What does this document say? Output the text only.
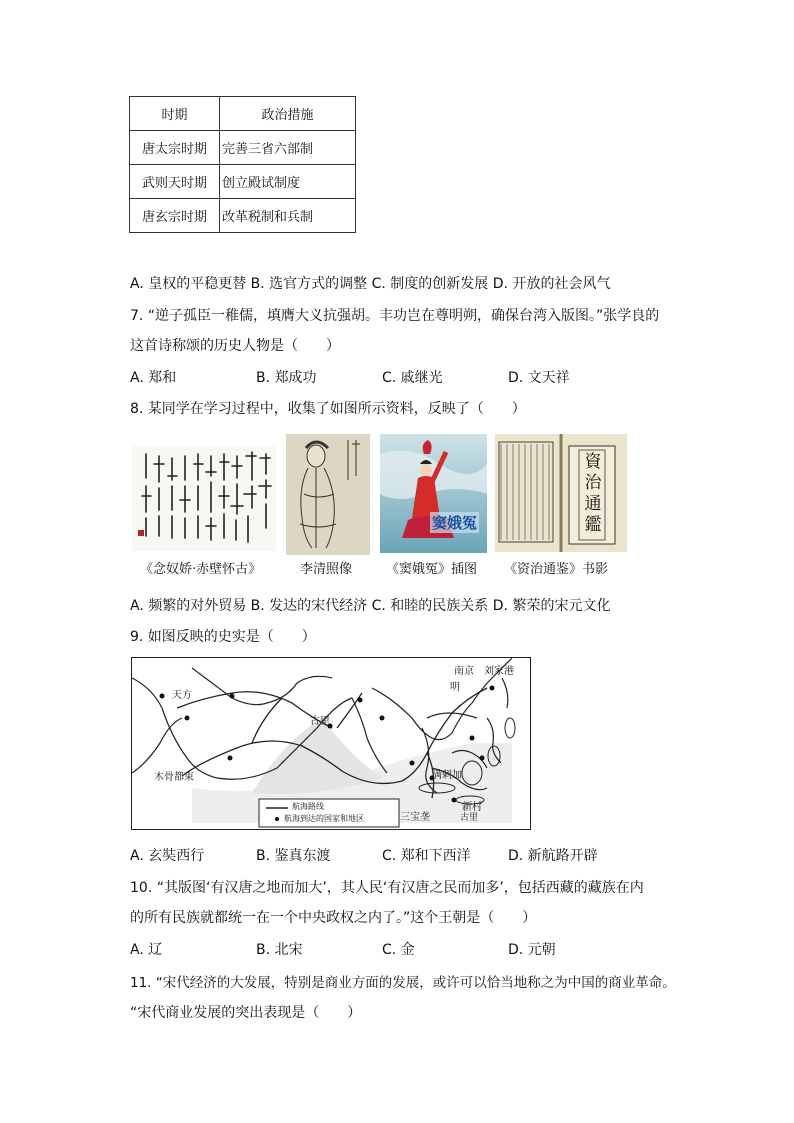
时期	政治措施
唐太宗时期	完善三省六部制
武则天时期	创立殿试制度
唐玄宗时期	改革税制和兵制
A. 皇权的平稳更替 B. 选官方式的调整 C. 制度的创新发展 D. 开放的社会风气
7. “逆子孤臣一稚儒，填膺大义抗强胡。丰功岂在尊明朔，确保台湾入版图。”张学良的
这首诗称颂的历史人物是（　　）
A. 郑和	B. 郑成功	C. 戚继光	D. 文天祥
8. 某同学在学习过程中，收集了如图所示资料，反映了（　　）
窦娥冤
資
治
通
鑑
《念奴娇·赤壁怀古》	李清照像	《窦娥冤》插图 《资治通鉴》书影
A. 频繁的对外贸易 B. 发达的宋代经济 C. 和睦的民族关系 D. 繁荣的宋元文化
9. 如图反映的史实是（　　）
明
南京 刘家港
天方
古里
木骨都束	满剌加
三宝垄
新村
古里
航海路线
航海到达的国家和地区
A. 玄奘西行	B. 鉴真东渡	C. 郑和下西洋	D. 新航路开辟
10. “其版图‘有汉唐之地而加大’，其人民‘有汉唐之民而加多’，包括西藏的藏族在内
的所有民族就都统一在一个中央政权之内了。”这个王朝是（　　）
A. 辽	B. 北宋	C. 金	D. 元朝
11. “宋代经济的大发展，特别是商业方面的发展，或许可以恰当地称之为中国的商业革命。
“宋代商业发展的突出表现是（　　）
